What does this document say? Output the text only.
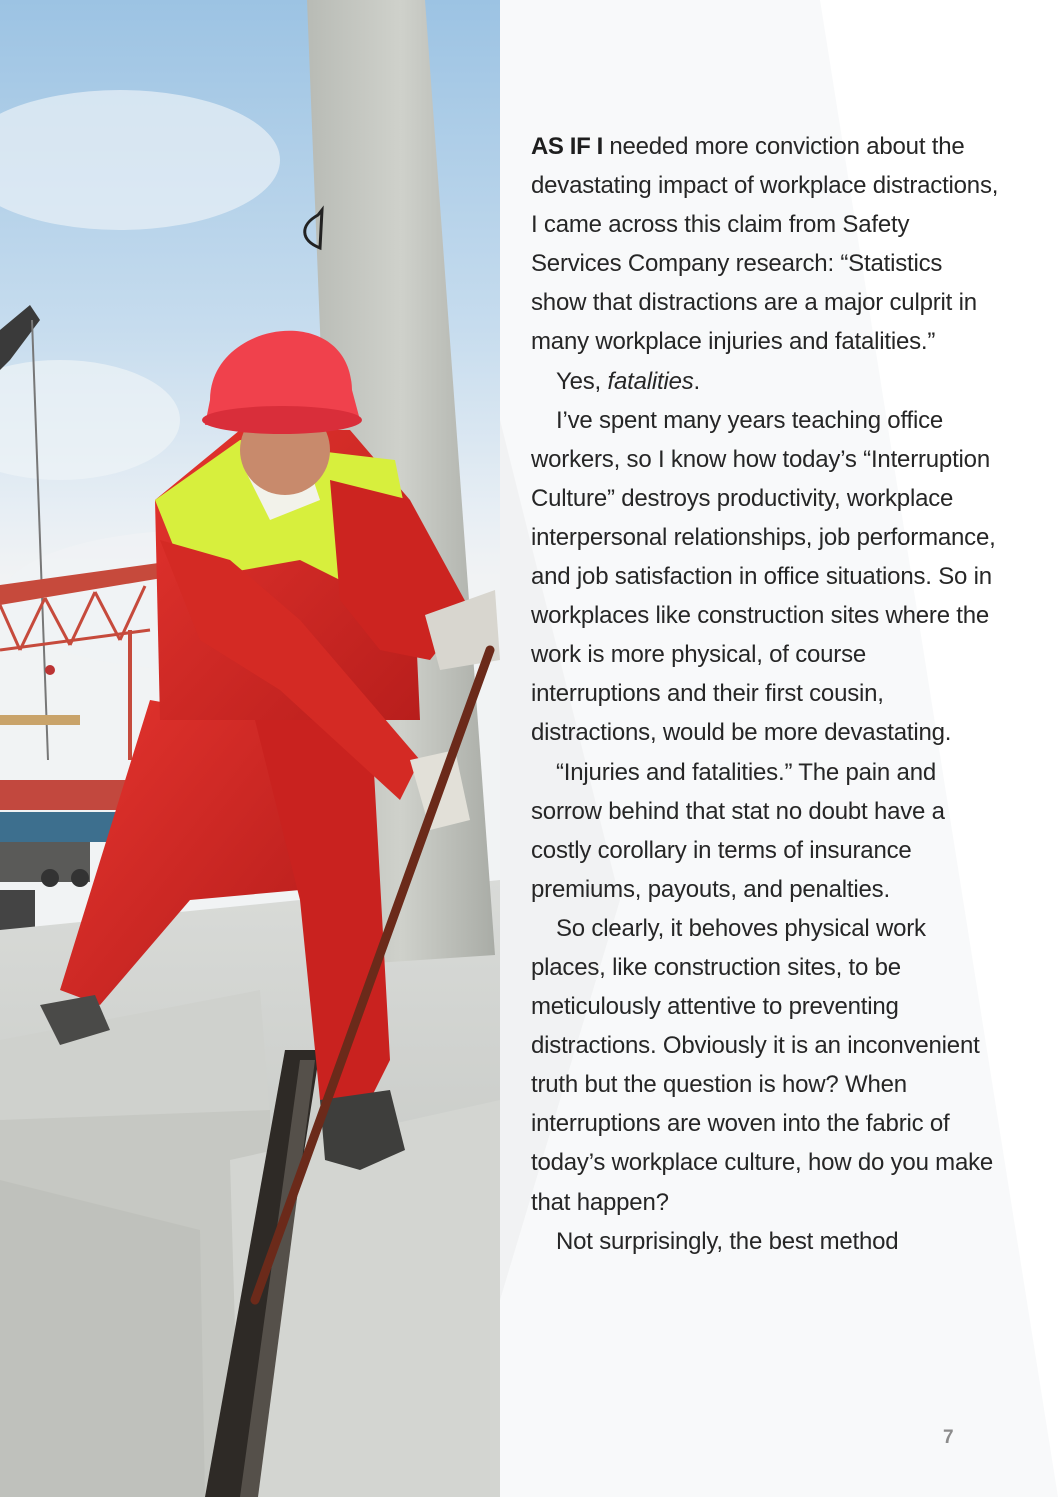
AS IF I needed more conviction about the devastating impact of workplace distractions, I came across this claim from Safety Services Company research: “Statistics show that distractions are a major culprit in many workplace injuries and fatalities.”

Yes, fatalities.

I’ve spent many years teaching office workers, so I know how today’s “Interruption Culture” destroys productivity, workplace interpersonal relationships, job performance, and job satisfaction in office situations. So in workplaces like construction sites where the work is more physical, of course interruptions and their first cousin, distractions, would be more devastating.

“Injuries and fatalities.” The pain and sorrow behind that stat no doubt have a costly corollary in terms of insurance premiums, payouts, and penalties.

So clearly, it behoves physical work places, like construction sites, to be meticulously attentive to preventing distractions. Obviously it is an inconvenient truth but the question is how? When interruptions are woven into the fabric of today’s workplace culture, how do you make that happen?

Not surprisingly, the best method

7
